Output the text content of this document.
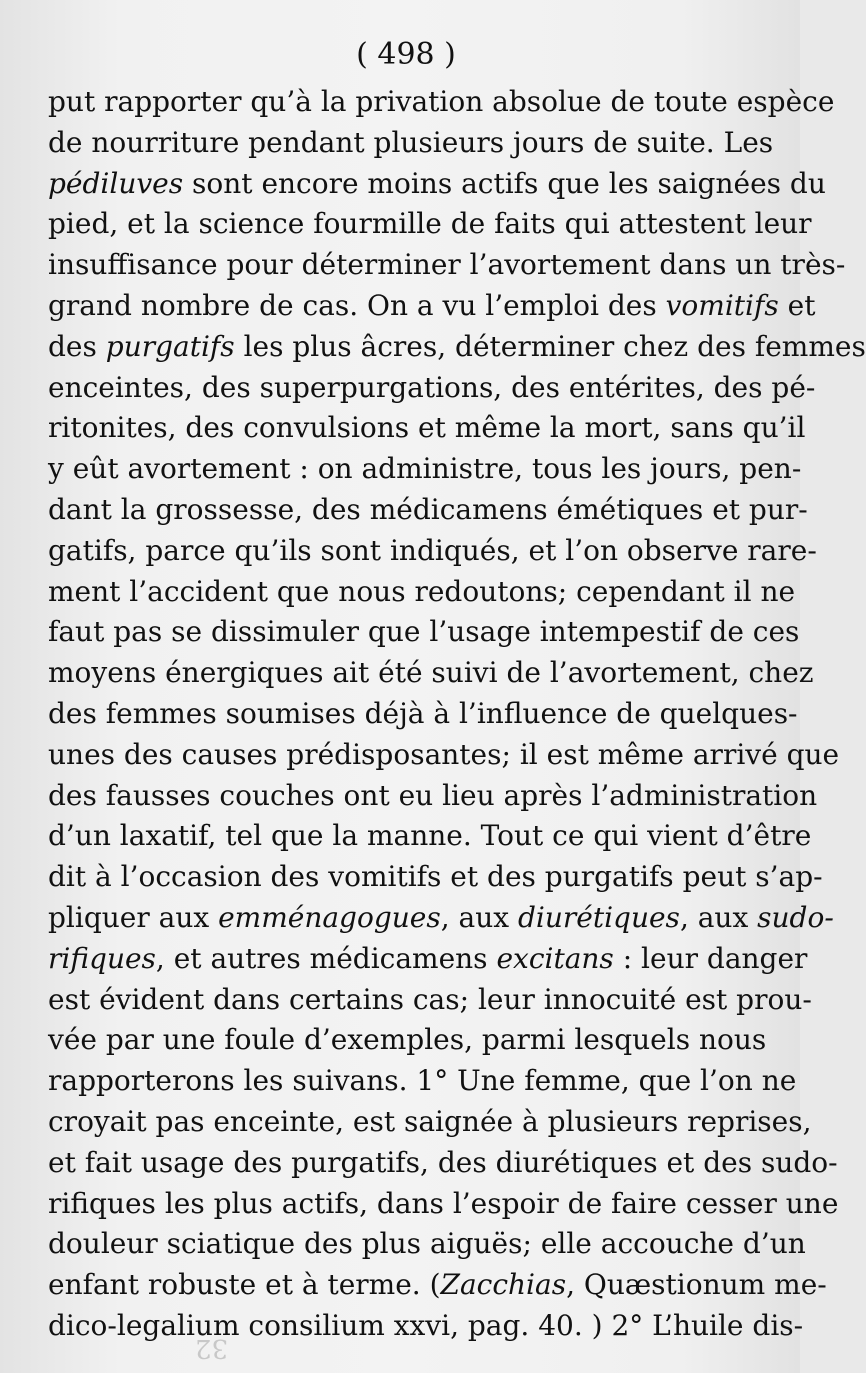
( 498 )
put rapporter qu’à la privation absolue de toute espèce
de nourriture pendant plusieurs jours de suite. Les
pédiluves sont encore moins actifs que les saignées du
pied, et la science fourmille de faits qui attestent leur
insuffisance pour déterminer l’avortement dans un très-
grand nombre de cas. On a vu l’emploi des vomitifs et
des purgatifs les plus âcres, déterminer chez des femmes
enceintes, des superpurgations, des entérites, des pé-
ritonites, des convulsions et même la mort, sans qu’il
y eût avortement : on administre, tous les jours, pen-
dant la grossesse, des médicamens émétiques et pur-
gatifs, parce qu’ils sont indiqués, et l’on observe rare-
ment l’accident que nous redoutons; cependant il ne
faut pas se dissimuler que l’usage intempestif de ces
moyens énergiques ait été suivi de l’avortement, chez
des femmes soumises déjà à l’influence de quelques-
unes des causes prédisposantes; il est même arrivé que
des fausses couches ont eu lieu après l’administration
d’un laxatif, tel que la manne. Tout ce qui vient d’être
dit à l’occasion des vomitifs et des purgatifs peut s’ap-
pliquer aux emménagogues, aux diurétiques, aux sudo-
rifiques, et autres médicamens excitans : leur danger
est évident dans certains cas; leur innocuité est prou-
vée par une foule d’exemples, parmi lesquels nous
rapporterons les suivans. 1° Une femme, que l’on ne
croyait pas enceinte, est saignée à plusieurs reprises,
et fait usage des purgatifs, des diurétiques et des sudo-
rifiques les plus actifs, dans l’espoir de faire cesser une
douleur sciatique des plus aiguës; elle accouche d’un
enfant robuste et à terme. (Zacchias, Quæstionum me-
dico-legalium consilium xxvi, pag. 40. ) 2° L’huile dis-
32
